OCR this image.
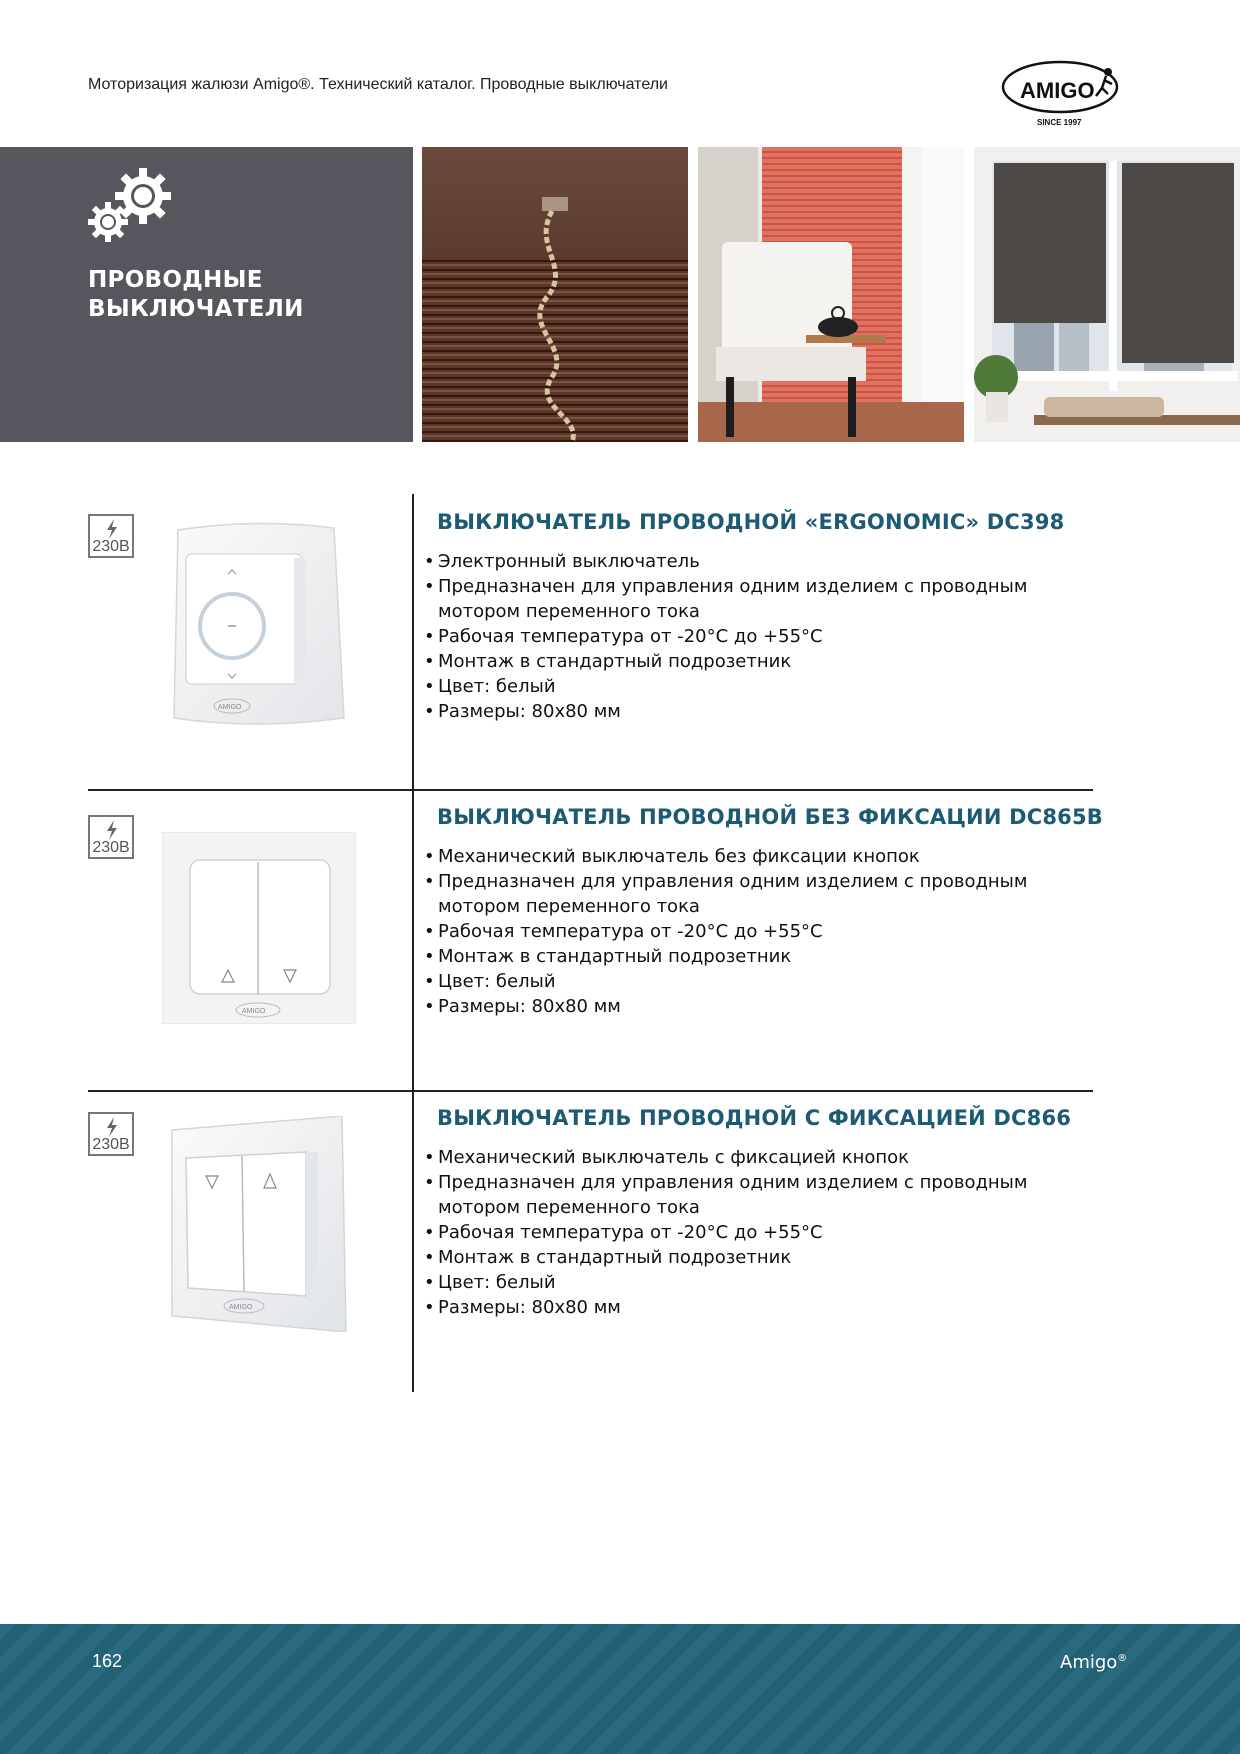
Моторизация жалюзи Amigo®. Технический каталог. Проводные выключатели	AMIGO
SINCE 1997
ПРОВОДНЫЕ
ВЫКЛЮЧАТЕЛИ
230В
AMIGO
ВЫКЛЮЧАТЕЛЬ ПРОВОДНОЙ «ERGONOMIC» DC398
• Электронный выключатель
• Предназначен для управления одним изделием с проводным мотором переменного тока
• Рабочая температура от -20°C до +55°C
• Монтаж в стандартный подрозетник
• Цвет: белый
• Размеры: 80x80 мм
230В
AMIGO
ВЫКЛЮЧАТЕЛЬ ПРОВОДНОЙ БЕЗ ФИКСАЦИИ DC865B
• Механический выключатель без фиксации кнопок
• Предназначен для управления одним изделием с проводным мотором переменного тока
• Рабочая температура от -20°C до +55°C
• Монтаж в стандартный подрозетник
• Цвет: белый
• Размеры: 80x80 мм
230В
AMIGO
ВЫКЛЮЧАТЕЛЬ ПРОВОДНОЙ С ФИКСАЦИЕЙ DC866
• Механический выключатель с фиксацией кнопок
• Предназначен для управления одним изделием с проводным мотором переменного тока
• Рабочая температура от -20°C до +55°C
• Монтаж в стандартный подрозетник
• Цвет: белый
• Размеры: 80x80 мм
162	Amigo®
